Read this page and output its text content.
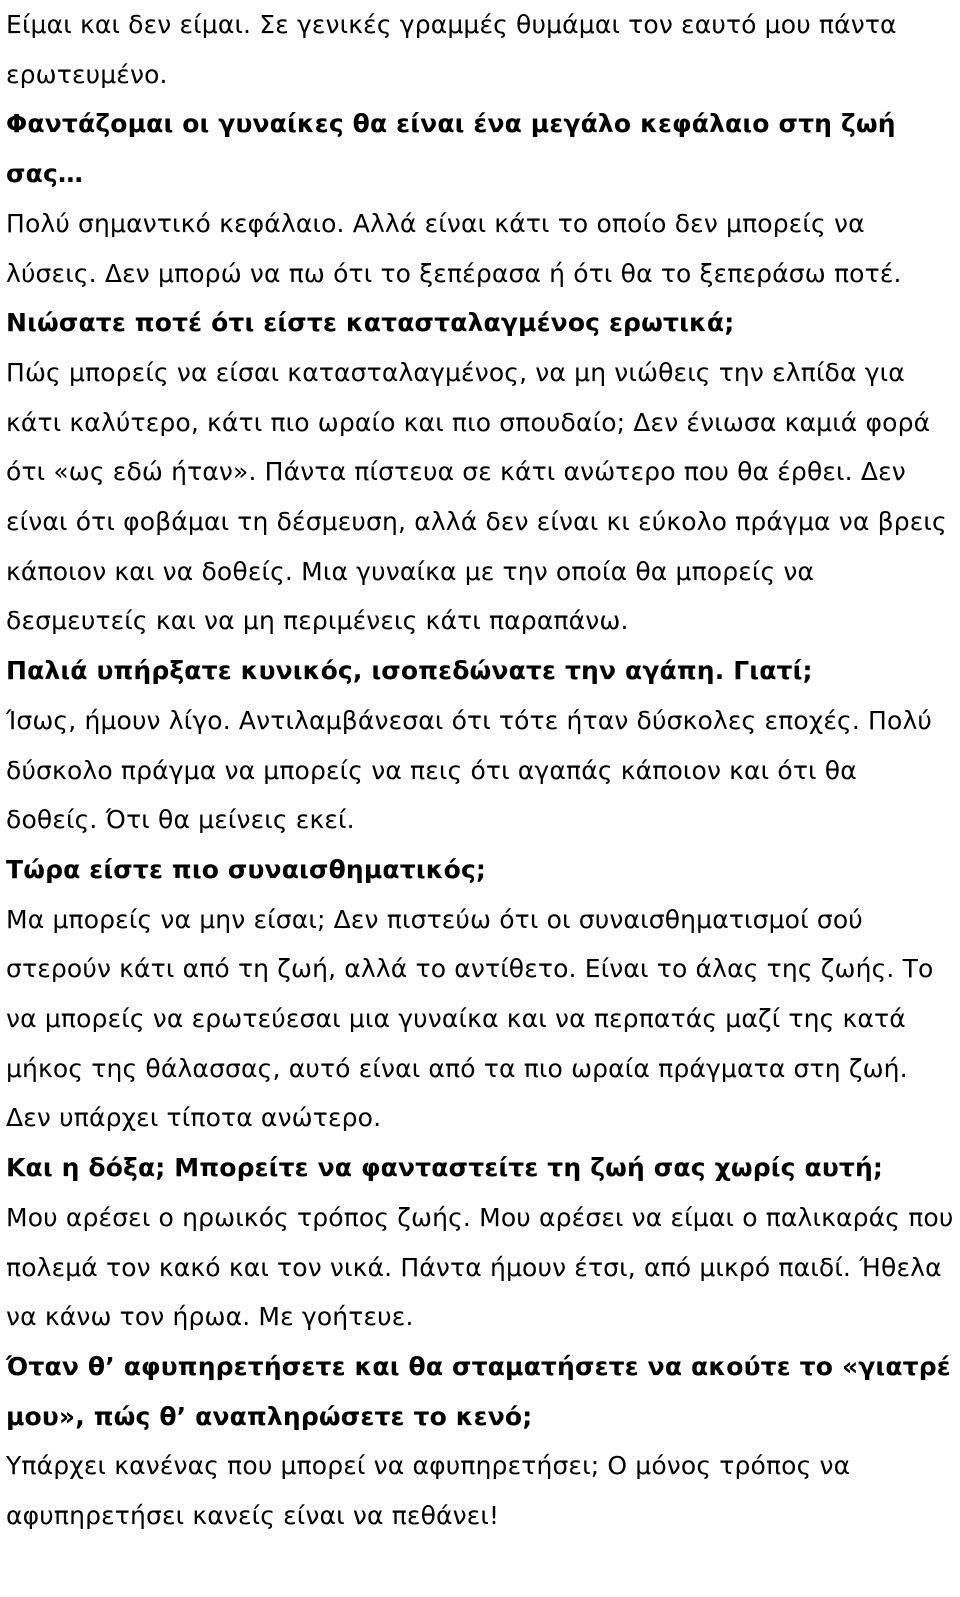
Είμαι και δεν είμαι. Σε γενικές γραμμές θυμάμαι τον εαυτό μου πάντα ερωτευμένο.

Φαντάζομαι οι γυναίκες θα είναι ένα μεγάλο κεφάλαιο στη ζωή σας…

Πολύ σημαντικό κεφάλαιο. Αλλά είναι κάτι το οποίο δεν μπορείς να λύσεις. Δεν μπορώ να πω ότι το ξεπέρασα ή ότι θα το ξεπεράσω ποτέ.

Νιώσατε ποτέ ότι είστε κατασταλαγμένος ερωτικά;

Πώς μπορείς να είσαι κατασταλαγμένος, να μη νιώθεις την ελπίδα για κάτι καλύτερο, κάτι πιο ωραίο και πιο σπουδαίο; Δεν ένιωσα καμιά φορά ότι «ως εδώ ήταν». Πάντα πίστευα σε κάτι ανώτερο που θα έρθει. Δεν είναι ότι φοβάμαι τη δέσμευση, αλλά δεν είναι κι εύκολο πράγμα να βρεις κάποιον και να δοθείς. Μια γυναίκα με την οποία θα μπορείς να δεσμευτείς και να μη περιμένεις κάτι παραπάνω.

Παλιά υπήρξατε κυνικός, ισοπεδώνατε την αγάπη. Γιατί;

Ίσως, ήμουν λίγο. Αντιλαμβάνεσαι ότι τότε ήταν δύσκολες εποχές. Πολύ δύσκολο πράγμα να μπορείς να πεις ότι αγαπάς κάποιον και ότι θα δοθείς. Ότι θα μείνεις εκεί.

Τώρα είστε πιο συναισθηματικός;

Μα μπορείς να μην είσαι; Δεν πιστεύω ότι οι συναισθηματισμοί σού στερούν κάτι από τη ζωή, αλλά το αντίθετο. Είναι το άλας της ζωής. Το να μπορείς να ερωτεύεσαι μια γυναίκα και να περπατάς μαζί της κατά μήκος της θάλασσας, αυτό είναι από τα πιο ωραία πράγματα στη ζωή. Δεν υπάρχει τίποτα ανώτερο.

Και η δόξα; Μπορείτε να φανταστείτε τη ζωή σας χωρίς αυτή;

Μου αρέσει ο ηρωικός τρόπος ζωής. Μου αρέσει να είμαι ο παλικαράς που πολεμά τον κακό και τον νικά. Πάντα ήμουν έτσι, από μικρό παιδί. Ήθελα να κάνω τον ήρωα. Με γοήτευε.

Όταν θ’ αφυπηρετήσετε και θα σταματήσετε να ακούτε το «γιατρέ μου», πώς θ’ αναπληρώσετε το κενό;

Υπάρχει κανένας που μπορεί να αφυπηρετήσει; Ο μόνος τρόπος να αφυπηρετήσει κανείς είναι να πεθάνει!
